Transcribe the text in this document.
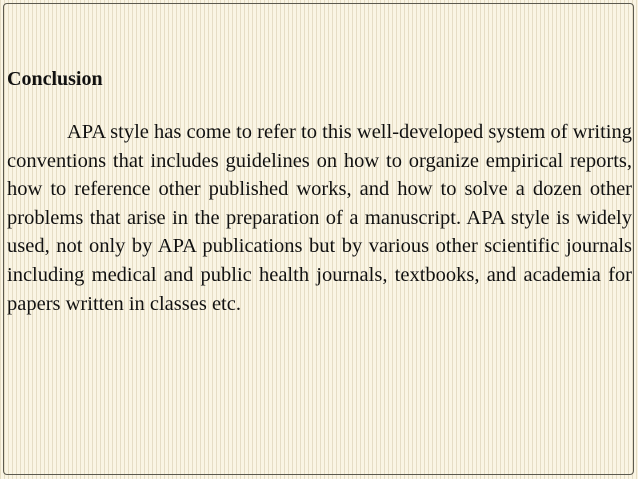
Conclusion

APA style has come to refer to this well-developed system of writing conventions that includes guidelines on how to organize empirical reports, how to reference other published works, and how to solve a dozen other problems that arise in the preparation of a manuscript. APA style is widely used, not only by APA publications but by various other scientific journals including medical and public health journals, textbooks, and academia for papers written in classes etc.
